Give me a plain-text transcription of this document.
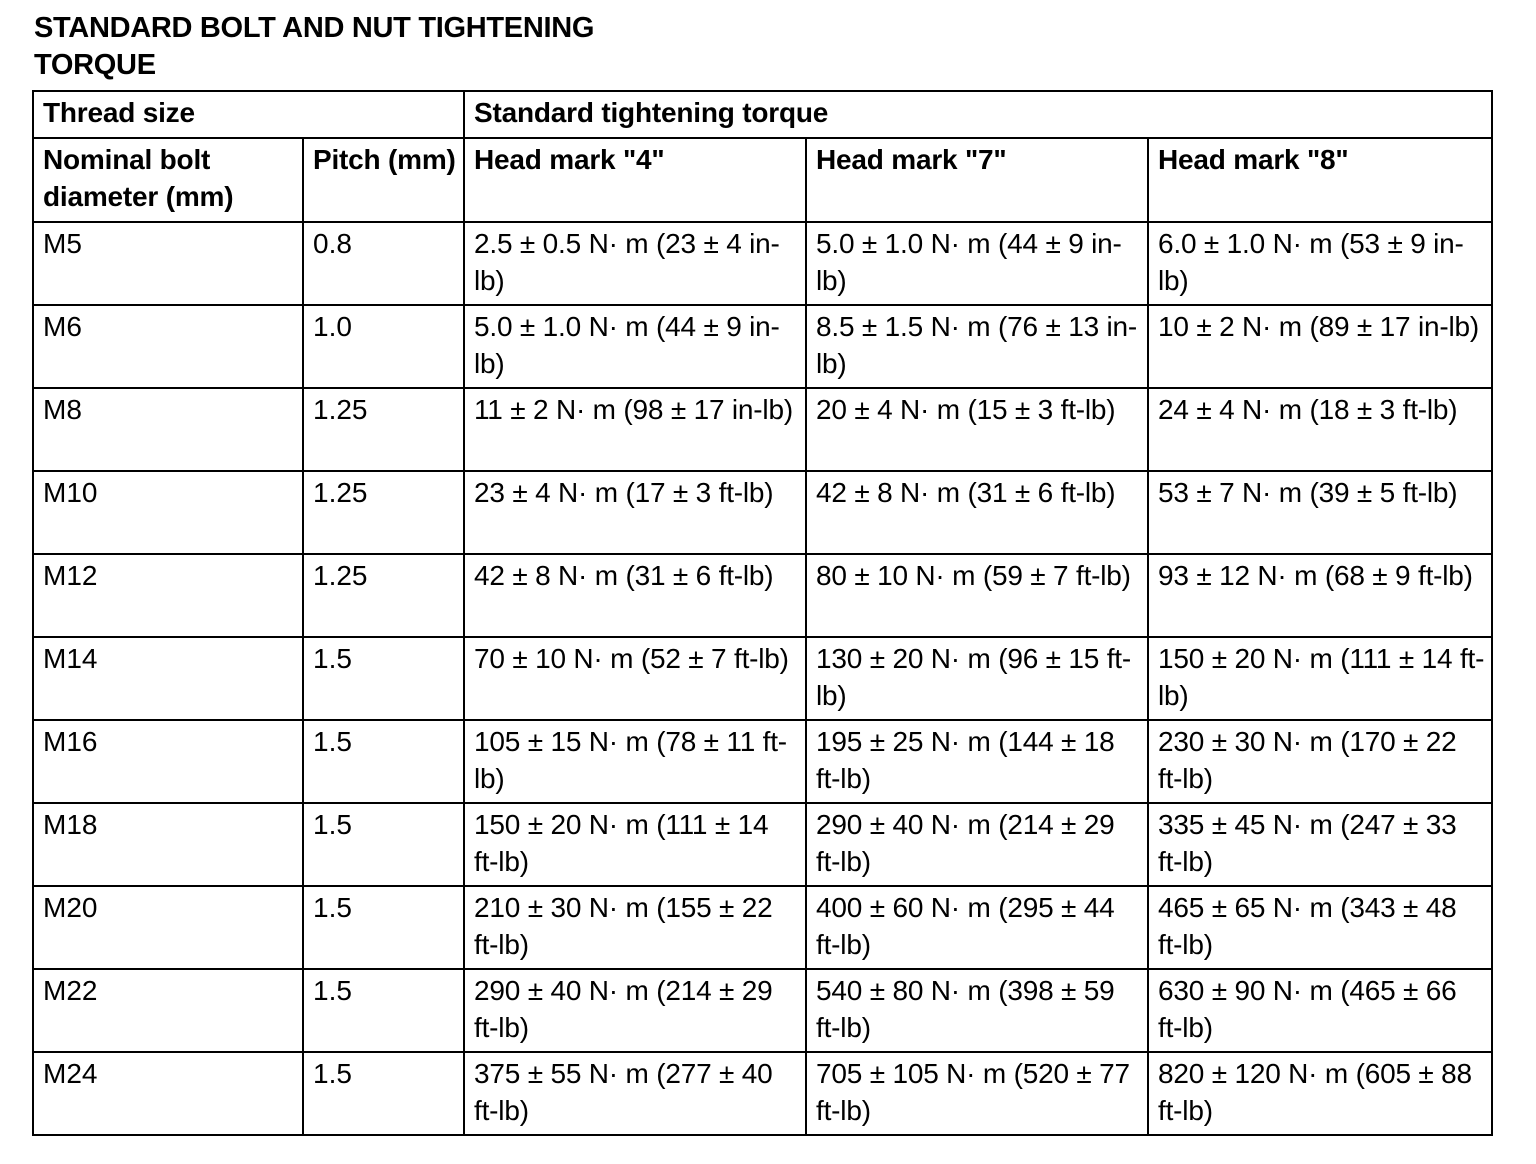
STANDARD BOLT AND NUT TIGHTENING
TORQUE
Thread size		Standard tightening torque		
Nominal bolt diameter (mm)	Pitch (mm)	Head mark "4"	Head mark "7"	Head mark "8"
M5	0.8	2.5 ± 0.5 N· m (23 ± 4 in-lb)	5.0 ± 1.0 N· m (44 ± 9 in-lb)	6.0 ± 1.0 N· m (53 ± 9 in-lb)
M6	1.0	5.0 ± 1.0 N· m (44 ± 9 in-lb)	8.5 ± 1.5 N· m (76 ± 13 in-lb)	10 ± 2 N· m (89 ± 17 in-lb)
M8	1.25	11 ± 2 N· m (98 ± 17 in-lb)	20 ± 4 N· m (15 ± 3 ft-lb)	24 ± 4 N· m (18 ± 3 ft-lb)
M10	1.25	23 ± 4 N· m (17 ± 3 ft-lb)	42 ± 8 N· m (31 ± 6 ft-lb)	53 ± 7 N· m (39 ± 5 ft-lb)
M12	1.25	42 ± 8 N· m (31 ± 6 ft-lb)	80 ± 10 N· m (59 ± 7 ft-lb)	93 ± 12 N· m (68 ± 9 ft-lb)
M14	1.5	70 ± 10 N· m (52 ± 7 ft-lb)	130 ± 20 N· m (96 ± 15 ft-lb)	150 ± 20 N· m (111 ± 14 ft-lb)
M16	1.5	105 ± 15 N· m (78 ± 11 ft-lb)	195 ± 25 N· m (144 ± 18 ft-lb)	230 ± 30 N· m (170 ± 22 ft-lb)
M18	1.5	150 ± 20 N· m (111 ± 14 ft-lb)	290 ± 40 N· m (214 ± 29 ft-lb)	335 ± 45 N· m (247 ± 33 ft-lb)
M20	1.5	210 ± 30 N· m (155 ± 22 ft-lb)	400 ± 60 N· m (295 ± 44 ft-lb)	465 ± 65 N· m (343 ± 48 ft-lb)
M22	1.5	290 ± 40 N· m (214 ± 29 ft-lb)	540 ± 80 N· m (398 ± 59 ft-lb)	630 ± 90 N· m (465 ± 66 ft-lb)
M24	1.5	375 ± 55 N· m (277 ± 40 ft-lb)	705 ± 105 N· m (520 ± 77 ft-lb)	820 ± 120 N· m (605 ± 88 ft-lb)
